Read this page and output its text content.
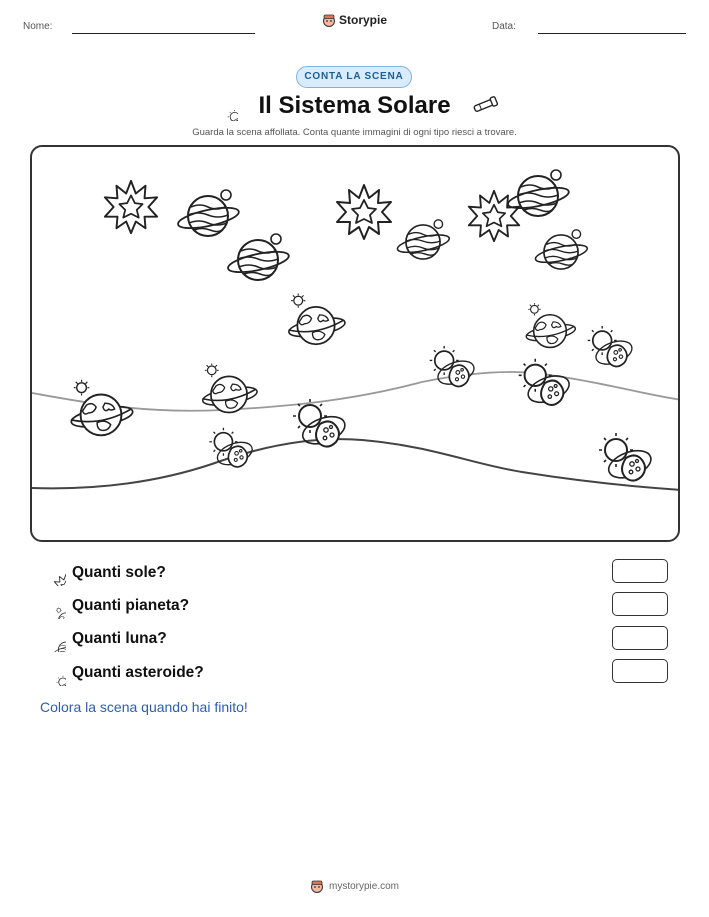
Nome:	Storypie	Data:
CONTA LA SCENA
Il Sistema Solare
Guarda la scena affollata. Conta quante immagini di ogni tipo riesci a trovare.
Quanti sole?
Quanti pianeta?
Quanti luna?
Quanti asteroide?
Colora la scena quando hai finito!
mystorypie.com
